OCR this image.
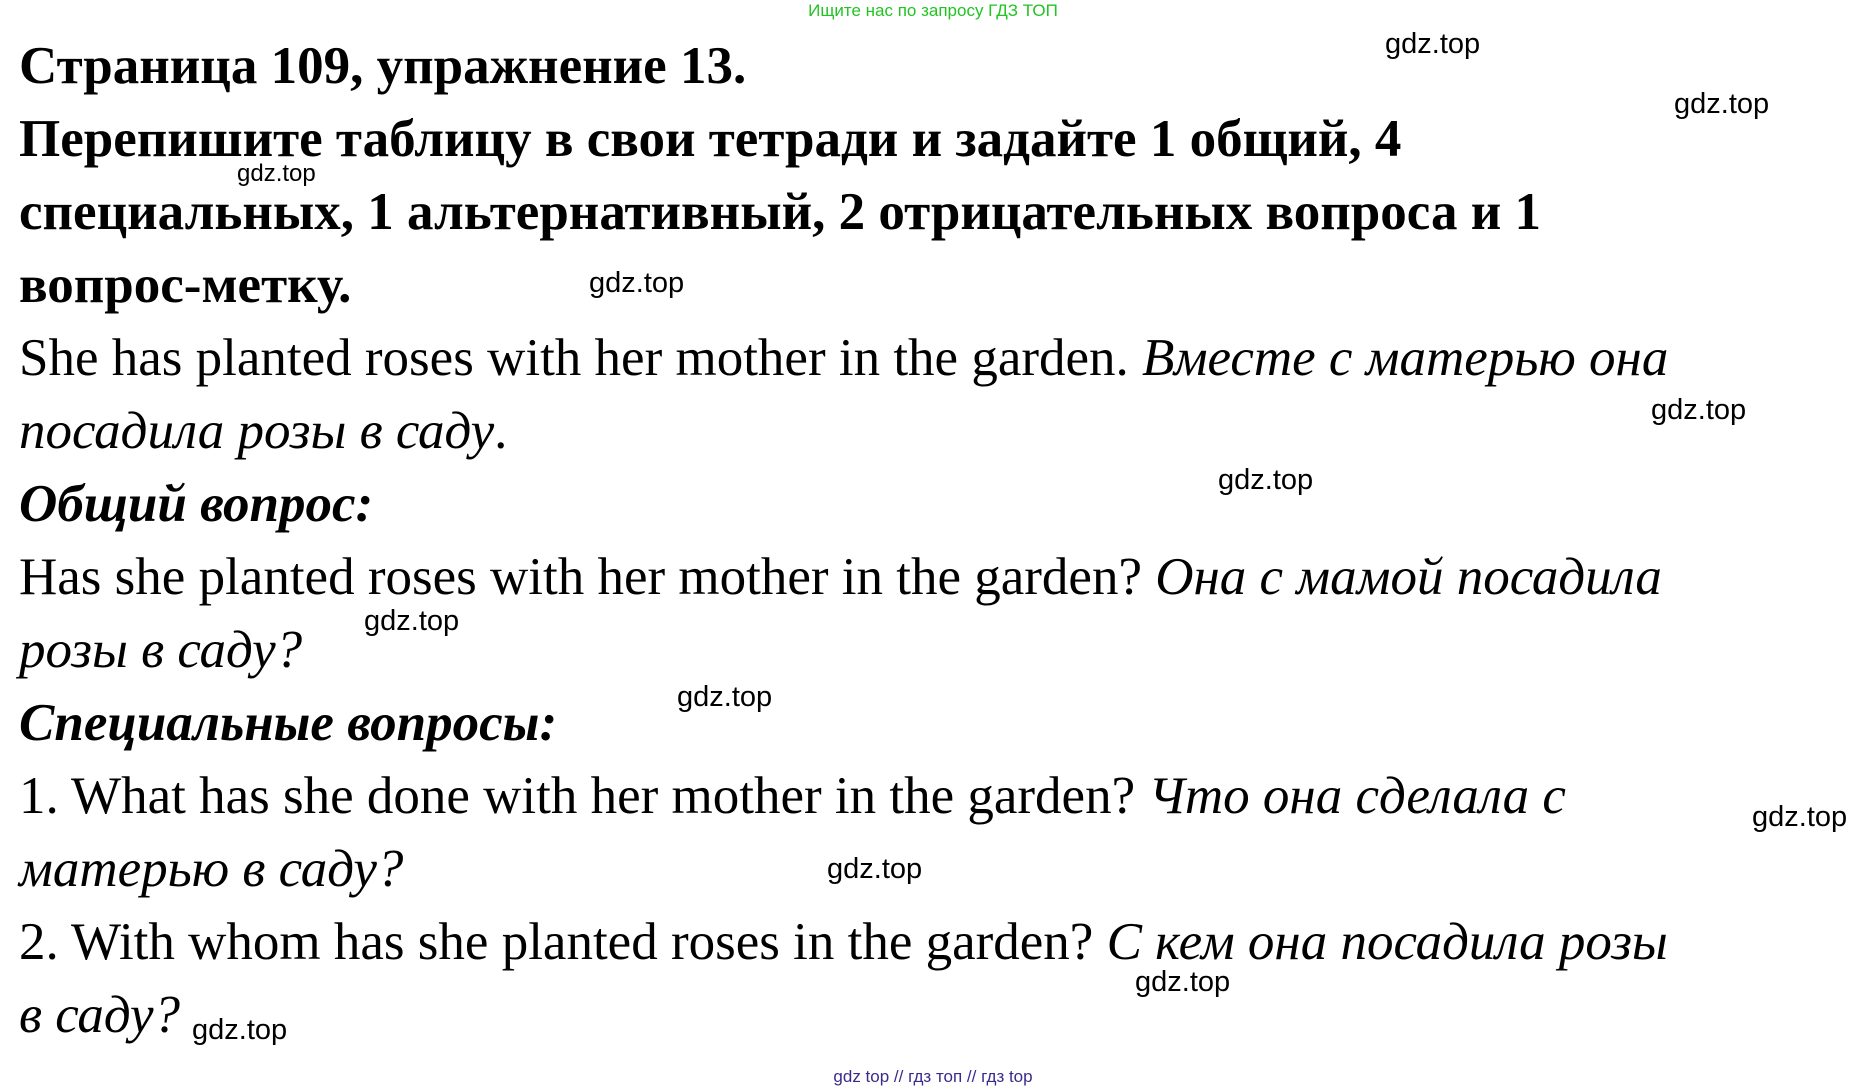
Ищите нас по запросу ГДЗ ТОП
Страница 109, упражнение 13.
Перепишите таблицу в свои тетради и задайте 1 общий, 4
специальных, 1 альтернативный, 2 отрицательных вопроса и 1
вопрос-метку.
She has planted roses with her mother in the garden. Вместе с матерью она
посадила розы в саду.
Общий вопрос:
Has she planted roses with her mother in the garden? Она с мамой посадила
розы в саду?
Специальные вопросы:
1. What has she done with her mother in the garden? Что она сделала с
матерью в саду?
2. With whom has she planted roses in the garden? С кем она посадила розы
в саду?
gdz.top
gdz.top
gdz.top
gdz.top
gdz.top
gdz.top
gdz.top
gdz.top
gdz.top
gdz.top
gdz.top
gdz.top
gdz top // гдз топ // гдз top
